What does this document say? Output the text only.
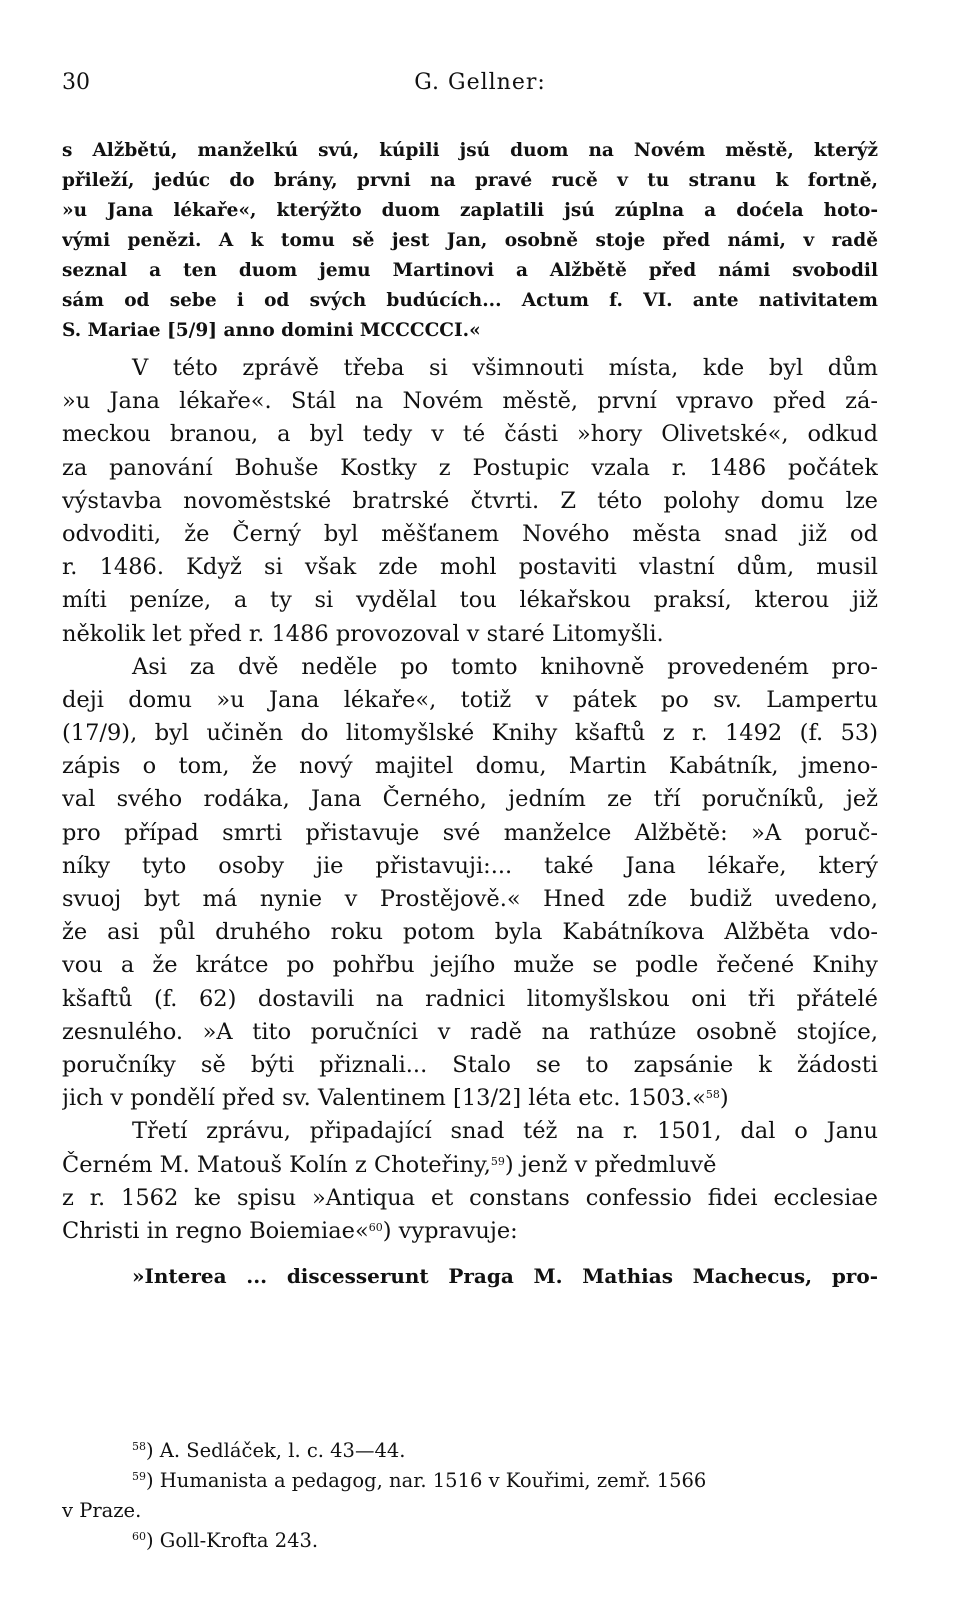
30	G. Gellner:
s Alžbětú, manželkú svú, kúpili jsú duom na Novém městě, kterýž
přileží, jedúc do brány, prvni na pravé rucě v tu stranu k fortně,
»u Jana lékaře«, kterýžto duom zaplatili jsú zúplna a doćela hoto-
vými penězi. A k tomu sě jest Jan, osobně stoje před námi, v radě
seznal a ten duom jemu Martinovi a Alžbětě před námi svobodil
sám od sebe i od svých budúcích... Actum f. VI. ante nativitatem
S. Mariae [5/9] anno domini MCCCCCI.«
V této zprávě třeba si všimnouti místa, kde byl dům
»u Jana lékaře«. Stál na Novém městě, první vpravo před zá-
meckou branou, a byl tedy v té části »hory Olivetské«, odkud
za panování Bohuše Kostky z Postupic vzala r. 1486 počátek
výstavba novoměstské bratrské čtvrti. Z této polohy domu lze
odvoditi, že Černý byl měšťanem Nového města snad již od
r. 1486. Když si však zde mohl postaviti vlastní dům, musil
míti peníze, a ty si vydělal tou lékařskou praksí, kterou již
několik let před r. 1486 provozoval v staré Litomyšli.
Asi za dvě neděle po tomto knihovně provedeném pro-
deji domu »u Jana lékaře«, totiž v pátek po sv. Lampertu
(17/9), byl učiněn do litomyšlské Knihy kšaftů z r. 1492 (f. 53)
zápis o tom, že nový majitel domu, Martin Kabátník, jmeno-
val svého rodáka, Jana Černého, jedním ze tří poručníků, jež
pro případ smrti přistavuje své manželce Alžbětě: »A poruč-
níky tyto osoby jie přistavuji:... také Jana lékaře, který
svuoj byt má nynie v Prostějově.« Hned zde budiž uvedeno,
že asi půl druhého roku potom byla Kabátníkova Alžběta vdo-
vou a že krátce po pohřbu jejího muže se podle řečené Knihy
kšaftů (f. 62) dostavili na radnici litomyšlskou oni tři přátelé
zesnulého. »A tito poručníci v radě na rathúze osobně stojíce,
poručníky sě býti přiznali... Stalo se to zapsánie k žádosti
jich v pondělí před sv. Valentinem [13/2] léta etc. 1503.«$^{58}$)
Třetí zprávu, připadající snad též na r. 1501, dal o Janu
Černém M. Matouš Kolín z Choteřiny,$^{59}$) jenž v předmluvě
z r. 1562 ke spisu »Antiqua et constans confessio fidei ecclesiae
Christi in regno Boiemiae«$^{60}$) vypravuje:
»Interea ... discesserunt Praga M. Mathias Machecus, pro-
$^{58}$) A. Sedláček, l. c. 43—44.
$^{59}$) Humanista a pedagog, nar. 1516 v Kouřimi, zemř. 1566
v Praze.
$^{60}$) Goll-Krofta 243.
